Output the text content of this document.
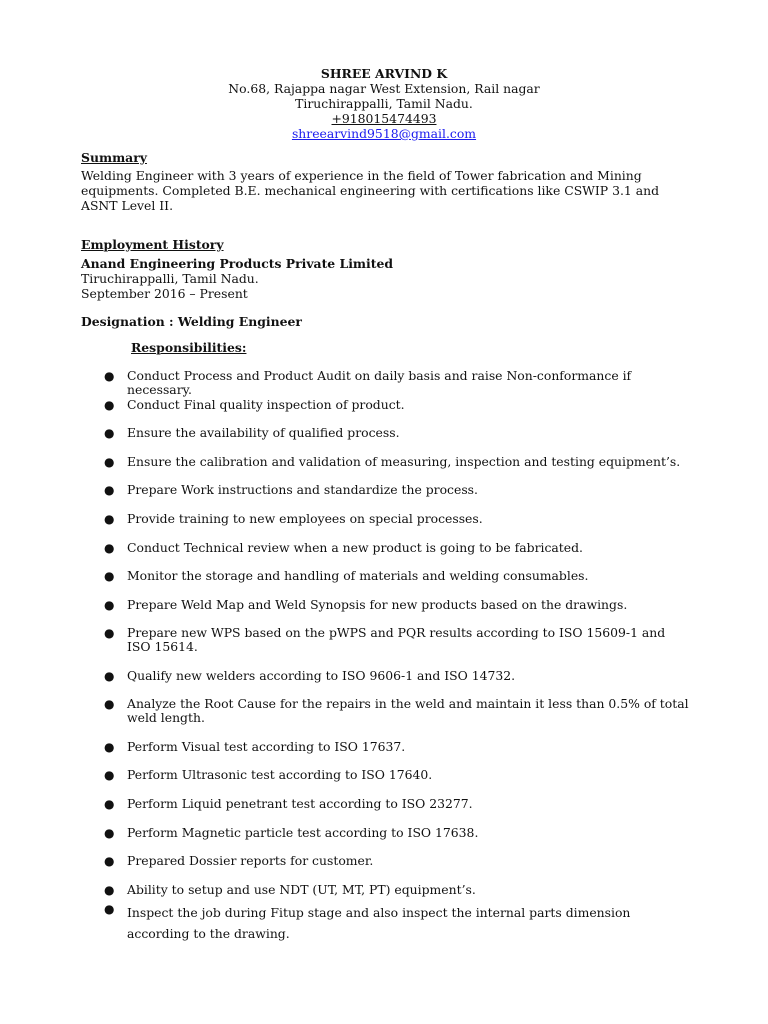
SHREE ARVIND K
No.68, Rajappa nagar West Extension, Rail nagar
Tiruchirappalli, Tamil Nadu.
+918015474493
shreearvind9518@gmail.com
Summary
Welding Engineer with 3 years of experience in the field of Tower fabrication and Mining equipments. Completed B.E. mechanical engineering with certifications like CSWIP 3.1 and ASNT Level II.
Employment History
Anand Engineering Products Private Limited
Tiruchirappalli, Tamil Nadu.
September 2016 – Present
Designation : Welding Engineer
Responsibilities:
● Conduct Process and Product Audit on daily basis and raise Non-conformance if necessary.
● Conduct Final quality inspection of product.
● Ensure the availability of qualified process.
● Ensure the calibration and validation of measuring, inspection and testing equipment’s.
● Prepare Work instructions and standardize the process.
● Provide training to new employees on special processes.
● Conduct Technical review when a new product is going to be fabricated.
● Monitor the storage and handling of materials and welding consumables.
● Prepare Weld Map and Weld Synopsis for new products based on the drawings.
● Prepare new WPS based on the pWPS and PQR results according to ISO 15609-1 and ISO 15614.
● Qualify new welders according to ISO 9606-1 and ISO 14732.
● Analyze the Root Cause for the repairs in the weld and maintain it less than 0.5% of total weld length.
● Perform Visual test according to ISO 17637.
● Perform Ultrasonic test according to ISO 17640.
● Perform Liquid penetrant test according to ISO 23277.
● Perform Magnetic particle test according to ISO 17638.
● Prepared Dossier reports for customer.
● Ability to setup and use NDT (UT, MT, PT) equipment’s.
● Inspect the job during Fitup stage and also inspect the internal parts dimension according to the drawing.
